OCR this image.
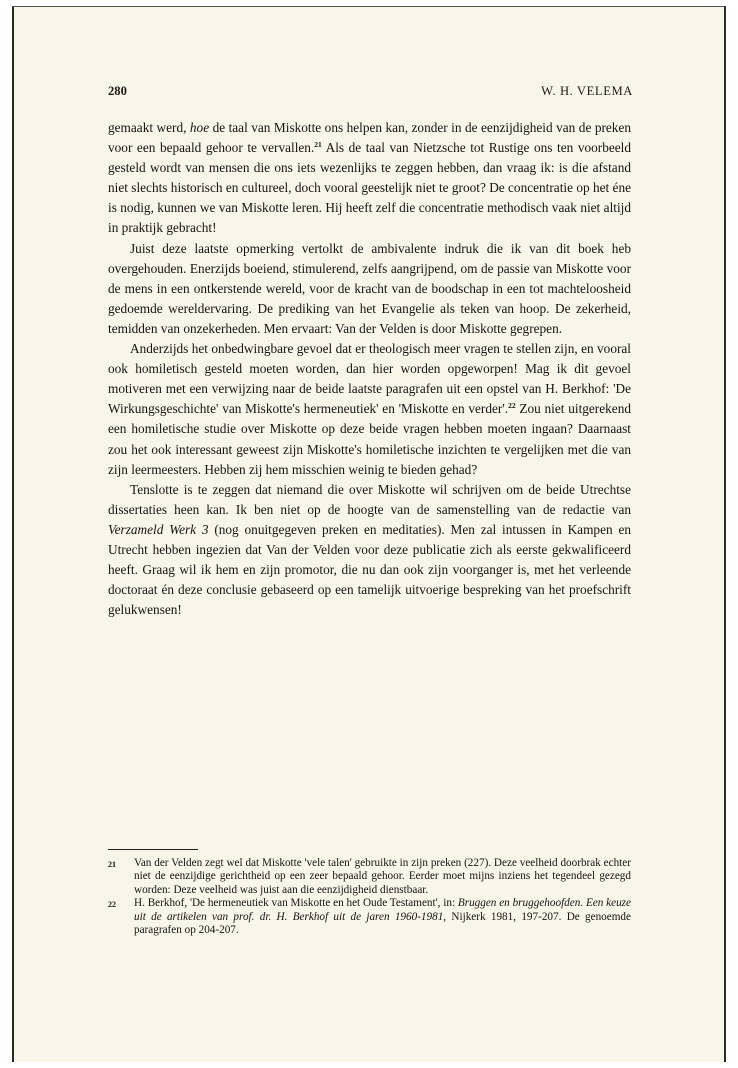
280	W. H. VELEMA

gemaakt werd, hoe de taal van Miskotte ons helpen kan, zonder in de eenzijdigheid van de preken voor een bepaald gehoor te vervallen.$^{21}$ Als de taal van Nietzsche tot Rustige ons ten voorbeeld gesteld wordt van mensen die ons iets wezenlijks te zeggen hebben, dan vraag ik: is die afstand niet slechts historisch en cultureel, doch vooral geestelijk niet te groot? De concentratie op het éne is nodig, kunnen we van Miskotte leren. Hij heeft zelf die concentratie methodisch vaak niet altijd in praktijk gebracht!

Juist deze laatste opmerking vertolkt de ambivalente indruk die ik van dit boek heb overgehouden. Enerzijds boeiend, stimulerend, zelfs aangrijpend, om de passie van Miskotte voor de mens in een ontkerstende wereld, voor de kracht van de boodschap in een tot machteloosheid gedoemde wereldervaring. De prediking van het Evangelie als teken van hoop. De zekerheid, temidden van onzekerheden. Men ervaart: Van der Velden is door Miskotte gegrepen.

Anderzijds het onbedwingbare gevoel dat er theologisch meer vragen te stellen zijn, en vooral ook homiletisch gesteld moeten worden, dan hier worden opgeworpen! Mag ik dit gevoel motiveren met een verwijzing naar de beide laatste paragrafen uit een opstel van H. Berkhof: 'De Wirkungsgeschichte' van Miskotte's hermeneutiek' en 'Miskotte en verder'.$^{22}$ Zou niet uitgerekend een homiletische studie over Miskotte op deze beide vragen hebben moeten ingaan? Daarnaast zou het ook interessant geweest zijn Miskotte's homiletische inzichten te vergelijken met die van zijn leermeesters. Hebben zij hem misschien weinig te bieden gehad?

Tenslotte is te zeggen dat niemand die over Miskotte wil schrijven om de beide Utrechtse dissertaties heen kan. Ik ben niet op de hoogte van de samenstelling van de redactie van Verzameld Werk 3 (nog onuitgegeven preken en meditaties). Men zal intussen in Kampen en Utrecht hebben ingezien dat Van der Velden voor deze publicatie zich als eerste gekwalificeerd heeft. Graag wil ik hem en zijn promotor, die nu dan ook zijn voorganger is, met het verleende doctoraat én deze conclusie gebaseerd op een tamelijk uitvoerige bespreking van het proefschrift gelukwensen!

21	Van der Velden zegt wel dat Miskotte 'vele talen' gebruikte in zijn preken (227). Deze veelheid doorbrak echter niet de eenzijdige gerichtheid op een zeer bepaald gehoor. Eerder moet mijns inziens het tegendeel gezegd worden: Deze veelheid was juist aan die eenzijdigheid dienstbaar.
22	H. Berkhof, 'De hermeneutiek van Miskotte en het Oude Testament', in: Bruggen en bruggehoofden. Een keuze uit de artikelen van prof. dr. H. Berkhof uit de jaren 1960-1981, Nijkerk 1981, 197-207. De genoemde paragrafen op 204-207.
